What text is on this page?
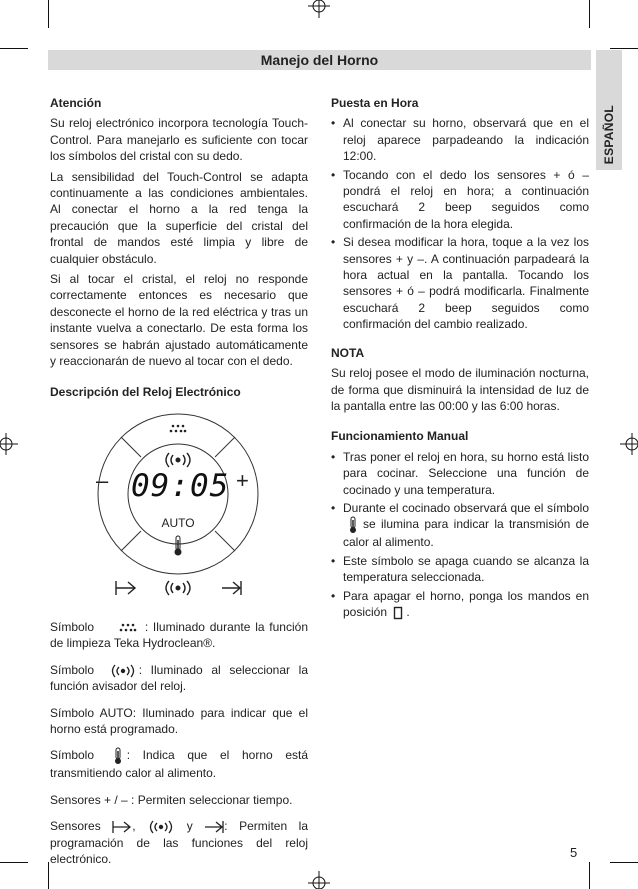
Manejo del Horno
ESPAÑOL
Atención

Su reloj electrónico incorpora tecnología Touch-Control. Para manejarlo es suficiente con tocar los símbolos del cristal con su dedo.

La sensibilidad del Touch-Control se adapta continuamente a las condiciones ambientales. Al conectar el horno a la red tenga la precaución que la superficie del cristal del frontal de mandos esté limpia y libre de cualquier obstáculo.

Si al tocar el cristal, el reloj no responde correctamente entonces es necesario que desconecte el horno de la red eléctrica y tras un instante vuelva a conectarlo. De esta forma los sensores se habrán ajustado automáticamente y reaccionarán de nuevo al tocar con el dedo.

Descripción del Reloj Electrónico
–	+
09:05
AUTO

Símbolo	: Iluminado durante la función de limpieza Teka Hydroclean®.

Símbolo	: Iluminado al seleccionar la función avisador del reloj.

Símbolo AUTO: Iluminado para indicar que el horno está programado.

Símbolo	: Indica que el horno está transmitiendo calor al alimento.

Sensores + / – : Permiten seleccionar tiempo.

Sensores	,	y	: Permiten la programación de las funciones del reloj electrónico.

Puesta en Hora
• Al conectar su horno, observará que en el reloj aparece parpadeando la indicación 12:00.
• Tocando con el dedo los sensores + ó – pondrá el reloj en hora; a continuación escuchará 2 beep seguidos como confirmación de la hora elegida.
• Si desea modificar la hora, toque a la vez los sensores + y –. A continuación parpadeará la hora actual en la pantalla. Tocando los sensores + ó – podrá modificarla. Finalmente escuchará 2 beep seguidos como confirmación del cambio realizado.
NOTA

Su reloj posee el modo de iluminación nocturna, de forma que disminuirá la intensidad de luz de la pantalla entre las 00:00 y las 6:00 horas.

Funcionamiento Manual
• Tras poner el reloj en hora, su horno está listo para cocinar. Seleccione una función de cocinado y una temperatura.
• Durante el cocinado observará que el símbolo se ilumina para indicar la transmisión de calor al alimento.
• Este símbolo se apaga cuando se alcanza la temperatura seleccionada.
• Para apagar el horno, ponga los mandos en posición .
5
